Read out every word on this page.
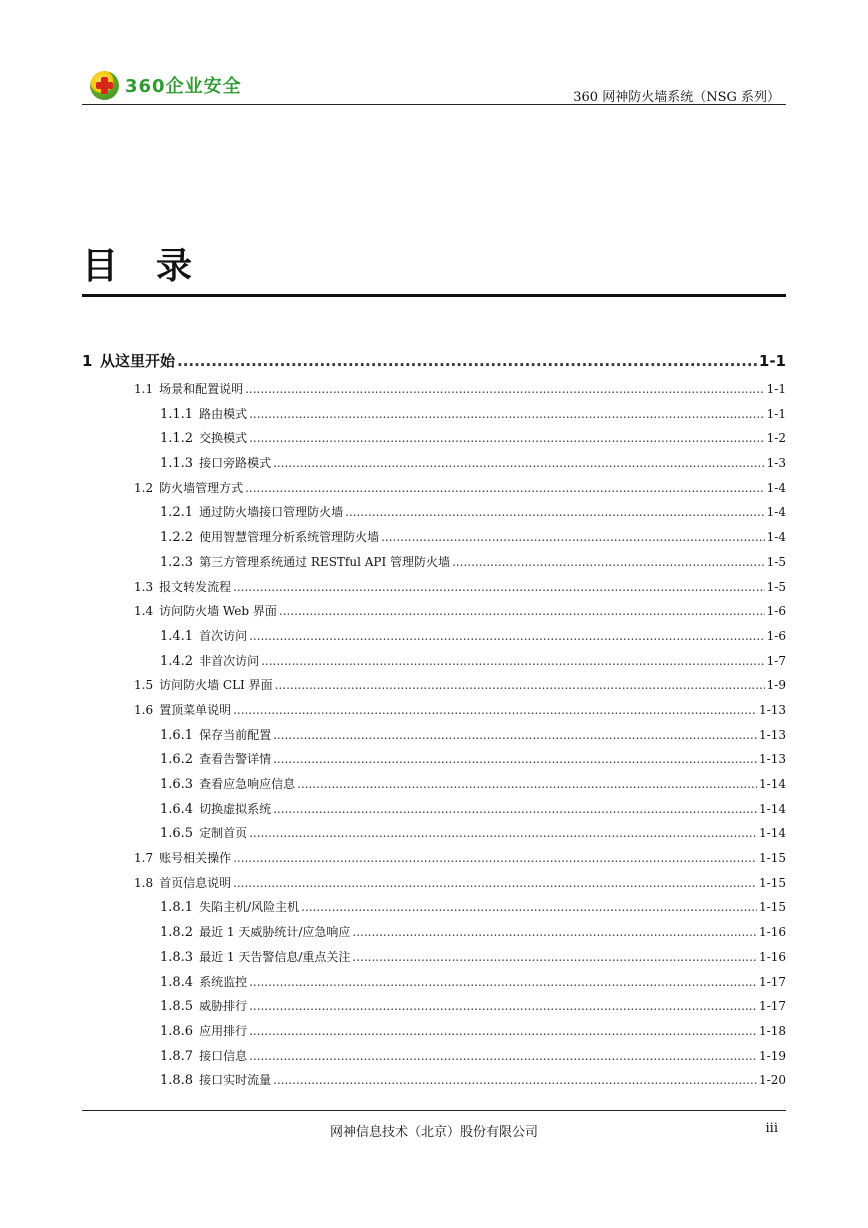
360企业安全
360 网神防火墙系统（NSG 系列）
目录
1 从这里开始 .....	1-1
1.1 场景和配置说明 .....	1-1
1.1.1 路由模式 .....	1-1
1.1.2 交换模式 .....	1-2
1.1.3 接口旁路模式 .....	1-3
1.2 防火墙管理方式 .....	1-4
1.2.1 通过防火墙接口管理防火墙 .....	1-4
1.2.2 使用智慧管理分析系统管理防火墙 .....	1-4
1.2.3 第三方管理系统通过 RESTful API 管理防火墙 .....	1-5
1.3 报文转发流程 .....	1-5
1.4 访问防火墙 Web 界面 .....	1-6
1.4.1 首次访问 .....	1-6
1.4.2 非首次访问 .....	1-7
1.5 访问防火墙 CLI 界面 .....	1-9
1.6 置顶菜单说明 .....	1-13
1.6.1 保存当前配置 .....	1-13
1.6.2 查看告警详情 .....	1-13
1.6.3 查看应急响应信息 .....	1-14
1.6.4 切换虚拟系统 .....	1-14
1.6.5 定制首页 .....	1-14
1.7 账号相关操作 .....	1-15
1.8 首页信息说明 .....	1-15
1.8.1 失陷主机/风险主机 .....	1-15
1.8.2 最近 1 天威胁统计/应急响应 .....	1-16
1.8.3 最近 1 天告警信息/重点关注 .....	1-16
1.8.4 系统监控 .....	1-17
1.8.5 威胁排行 .....	1-17
1.8.6 应用排行 .....	1-18
1.8.7 接口信息 .....	1-19
1.8.8 接口实时流量 .....	1-20
网神信息技术（北京）股份有限公司	iii
